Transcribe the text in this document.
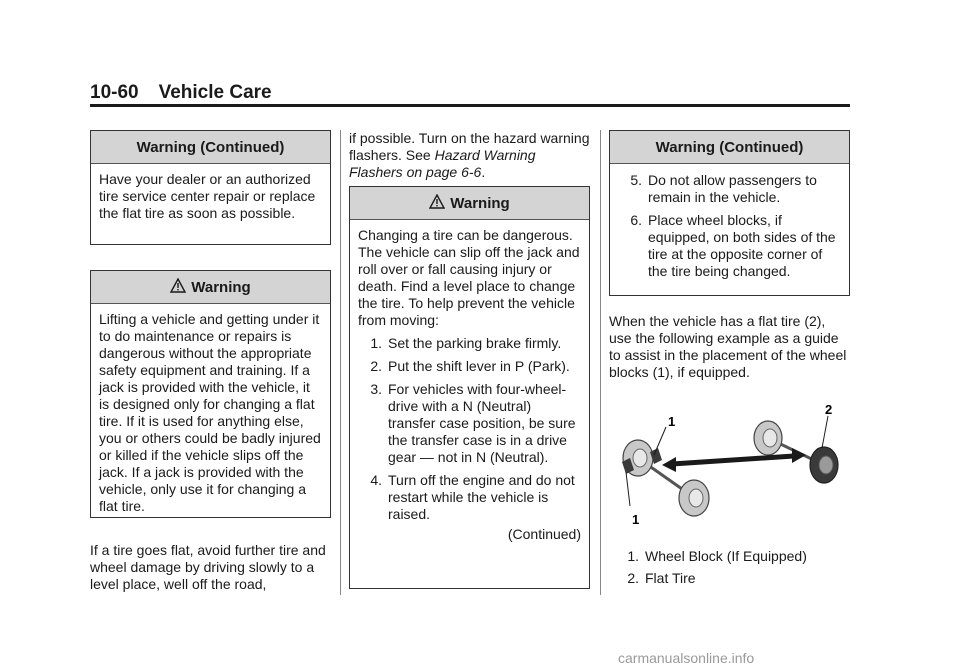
10-60 Vehicle Care
Warning (Continued)

Have your dealer or an authorized tire service center repair or replace the flat tire as soon as possible.

Warning

Lifting a vehicle and getting under it to do maintenance or repairs is dangerous without the appropriate safety equipment and training. If a jack is provided with the vehicle, it is designed only for changing a flat tire. If it is used for anything else, you or others could be badly injured or killed if the vehicle slips off the jack. If a jack is provided with the vehicle, only use it for changing a flat tire.

If a tire goes flat, avoid further tire and wheel damage by driving slowly to a level place, well off the road,

if possible. Turn on the hazard warning flashers. See Hazard Warning Flashers on page 6-6.

Warning

Changing a tire can be dangerous. The vehicle can slip off the jack and roll over or fall causing injury or death. Find a level place to change the tire. To help prevent the vehicle from moving:

1. Set the parking brake firmly.
2. Put the shift lever in P (Park).
3. For vehicles with four-wheel-drive with a N (Neutral) transfer case position, be sure the transfer case is in a drive gear — not in N (Neutral).
4. Turn off the engine and do not restart while the vehicle is raised.
(Continued)
Warning (Continued)
5. Do not allow passengers to remain in the vehicle.
6. Place wheel blocks, if equipped, on both sides of the tire at the opposite corner of the tire being changed.

When the vehicle has a flat tire (2), use the following example as a guide to assist in the placement of the wheel blocks (1), if equipped.

1
1
2
1. Wheel Block (If Equipped)
2. Flat Tire
carmanualsonline.info
